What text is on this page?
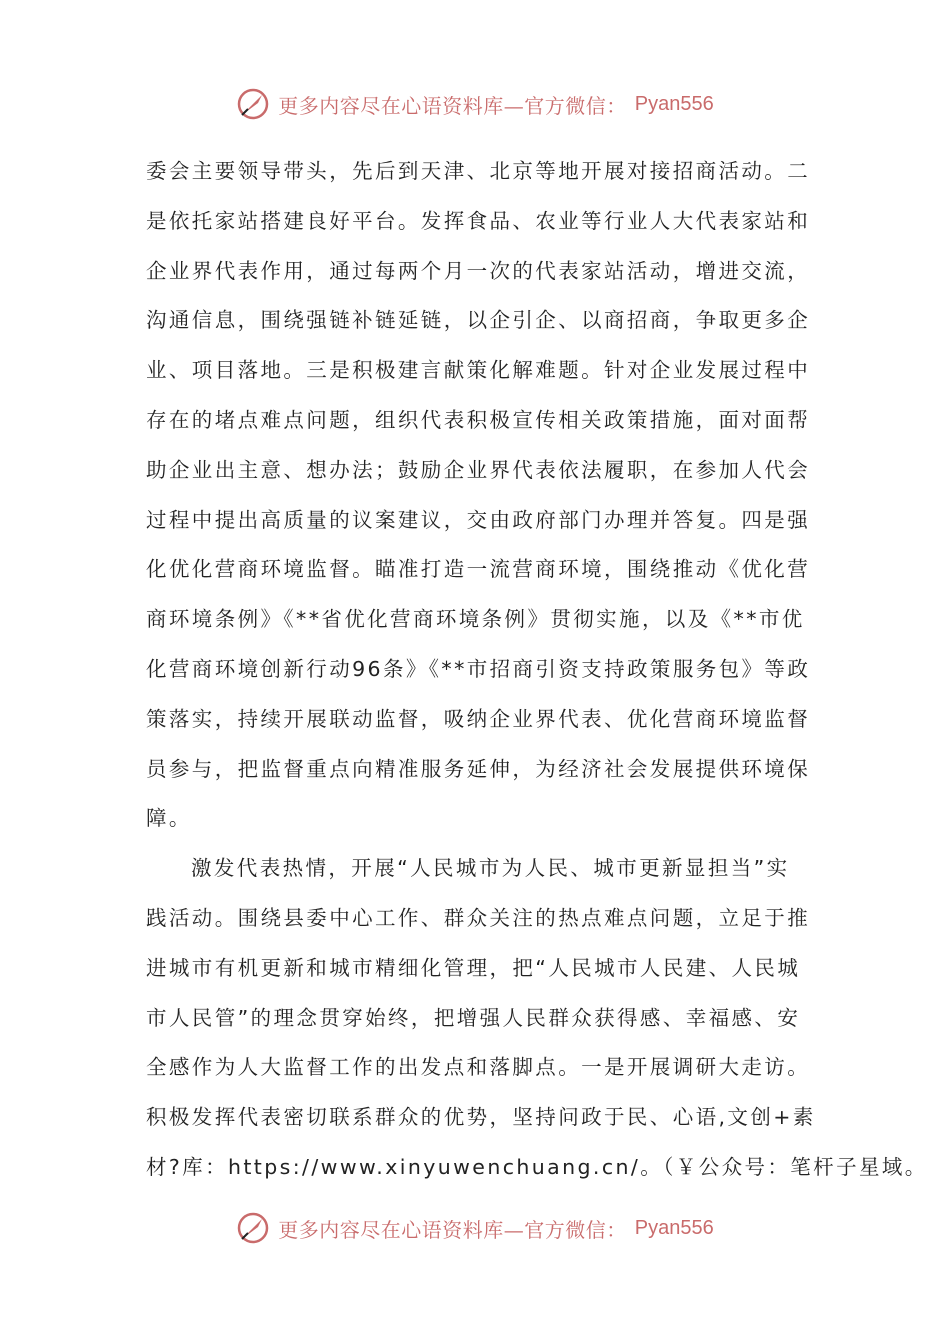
更多内容尽在心语资料库—官方微信： Pyan556
委会主要领导带头，先后到天津、北京等地开展对接招商活动。二
是依托家站搭建良好平台。发挥食品、农业等行业人大代表家站和
企业界代表作用，通过每两个月一次的代表家站活动，增进交流，
沟通信息，围绕强链补链延链，以企引企、以商招商，争取更多企
业、项目落地。三是积极建言献策化解难题。针对企业发展过程中
存在的堵点难点问题，组织代表积极宣传相关政策措施，面对面帮
助企业出主意、想办法；鼓励企业界代表依法履职，在参加人代会
过程中提出高质量的议案建议，交由政府部门办理并答复。四是强
化优化营商环境监督。瞄准打造一流营商环境，围绕推动《优化营
商环境条例》《**省优化营商环境条例》贯彻实施，以及《**市优
化营商环境创新行动96条》《**市招商引资支持政策服务包》等政
策落实，持续开展联动监督，吸纳企业界代表、优化营商环境监督
员参与，把监督重点向精准服务延伸，为经济社会发展提供环境保
障。
激发代表热情，开展“人民城市为人民、城市更新显担当”实
践活动。围绕县委中心工作、群众关注的热点难点问题，立足于推
进城市有机更新和城市精细化管理，把“人民城市人民建、人民城
市人民管”的理念贯穿始终，把增强人民群众获得感、幸福感、安
全感作为人大监督工作的出发点和落脚点。一是开展调研大走访。
积极发挥代表密切联系群众的优势，坚持问政于民、心语,文创+素
材?库：https://www.xinyuwenchuang.cn/。（￥公众号：笔杆子星域。
更多内容尽在心语资料库—官方微信： Pyan556
